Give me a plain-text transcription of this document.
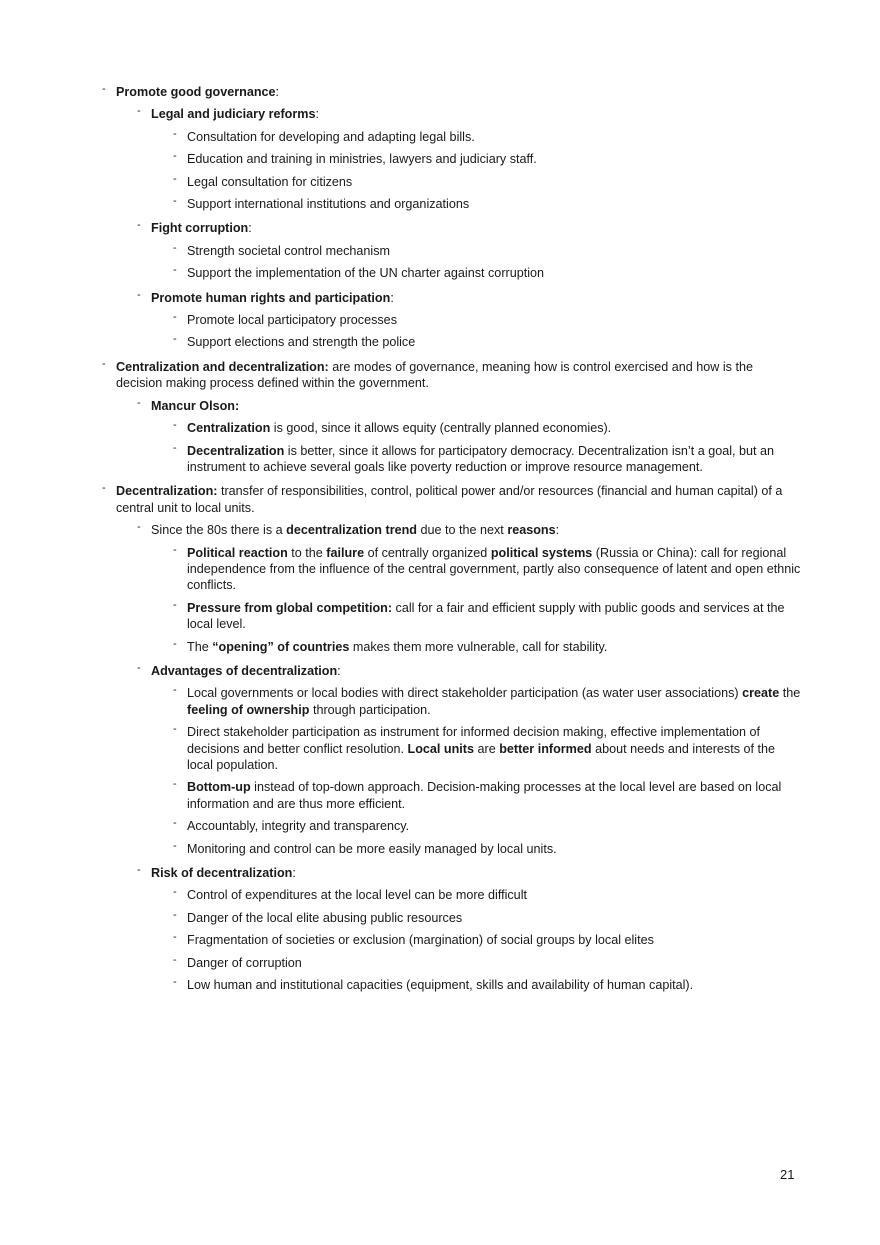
- Promote good governance:
- Legal and judiciary reforms:
- Consultation for developing and adapting legal bills.
- Education and training in ministries, lawyers and judiciary staff.
- Legal consultation for citizens
- Support international institutions and organizations
- Fight corruption:
- Strength societal control mechanism
- Support the implementation of the UN charter against corruption
- Promote human rights and participation:
- Promote local participatory processes
- Support elections and strength the police
- Centralization and decentralization: are modes of governance, meaning how is control exercised and how is the decision making process defined within the government.
- Mancur Olson:
- Centralization is good, since it allows equity (centrally planned economies).
- Decentralization is better, since it allows for participatory democracy. Decentralization isn’t a goal, but an instrument to achieve several goals like poverty reduction or improve resource management.
- Decentralization: transfer of responsibilities, control, political power and/or resources (financial and human capital) of a central unit to local units.
- Since the 80s there is a decentralization trend due to the next reasons:
- Political reaction to the failure of centrally organized political systems (Russia or China): call for regional independence from the influence of the central government, partly also consequence of latent and open ethnic conflicts.
- Pressure from global competition: call for a fair and efficient supply with public goods and services at the local level.
- The “opening” of countries makes them more vulnerable, call for stability.
- Advantages of decentralization:
- Local governments or local bodies with direct stakeholder participation (as water user associations) create the feeling of ownership through participation.
- Direct stakeholder participation as instrument for informed decision making, effective implementation of decisions and better conflict resolution. Local units are better informed about needs and interests of the local population.
- Bottom-up instead of top-down approach. Decision-making processes at the local level are based on local information and are thus more efficient.
- Accountably, integrity and transparency.
- Monitoring and control can be more easily managed by local units.
- Risk of decentralization:
- Control of expenditures at the local level can be more difficult
- Danger of the local elite abusing public resources
- Fragmentation of societies or exclusion (margination) of social groups by local elites
- Danger of corruption
- Low human and institutional capacities (equipment, skills and availability of human capital).
21
